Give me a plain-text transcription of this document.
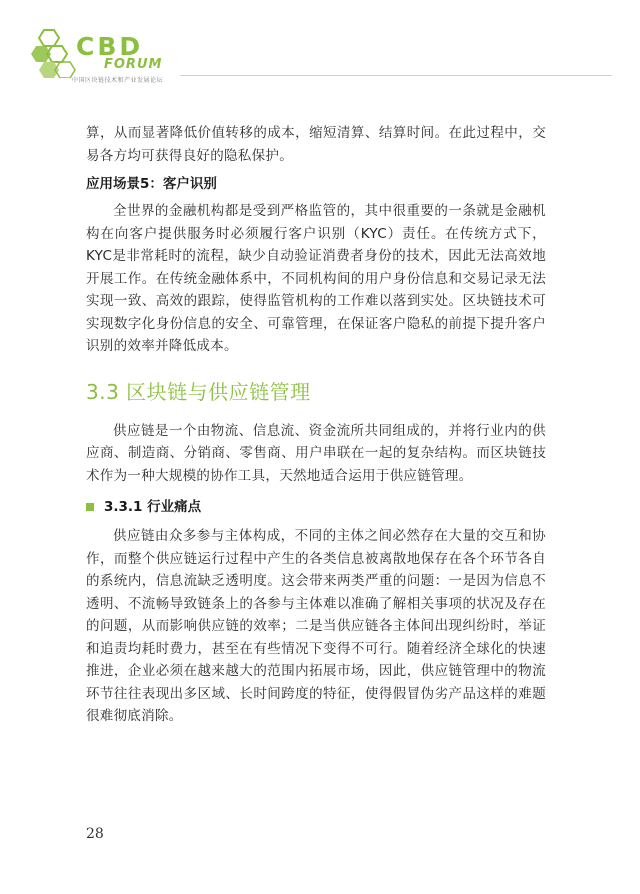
CBD
FORUM
中国区块链技术和产业发展论坛

算，从而显著降低价值转移的成本，缩短清算、结算时间。在此过程中，交易各方均可获得良好的隐私保护。

应用场景5：客户识别

全世界的金融机构都是受到严格监管的，其中很重要的一条就是金融机构在向客户提供服务时必须履行客户识别（KYC）责任。在传统方式下，KYC是非常耗时的流程，缺少自动验证消费者身份的技术，因此无法高效地开展工作。在传统金融体系中，不同机构间的用户身份信息和交易记录无法实现一致、高效的跟踪，使得监管机构的工作难以落到实处。区块链技术可实现数字化身份信息的安全、可靠管理，在保证客户隐私的前提下提升客户识别的效率并降低成本。

3.3 区块链与供应链管理

供应链是一个由物流、信息流、资金流所共同组成的，并将行业内的供应商、制造商、分销商、零售商、用户串联在一起的复杂结构。而区块链技术作为一种大规模的协作工具，天然地适合运用于供应链管理。

3.3.1 行业痛点

供应链由众多参与主体构成，不同的主体之间必然存在大量的交互和协作，而整个供应链运行过程中产生的各类信息被离散地保存在各个环节各自的系统内，信息流缺乏透明度。这会带来两类严重的问题：一是因为信息不透明、不流畅导致链条上的各参与主体难以准确了解相关事项的状况及存在的问题，从而影响供应链的效率；二是当供应链各主体间出现纠纷时，举证和追责均耗时费力，甚至在有些情况下变得不可行。随着经济全球化的快速推进，企业必须在越来越大的范围内拓展市场，因此，供应链管理中的物流环节往往表现出多区域、长时间跨度的特征，使得假冒伪劣产品这样的难题很难彻底消除。

28
